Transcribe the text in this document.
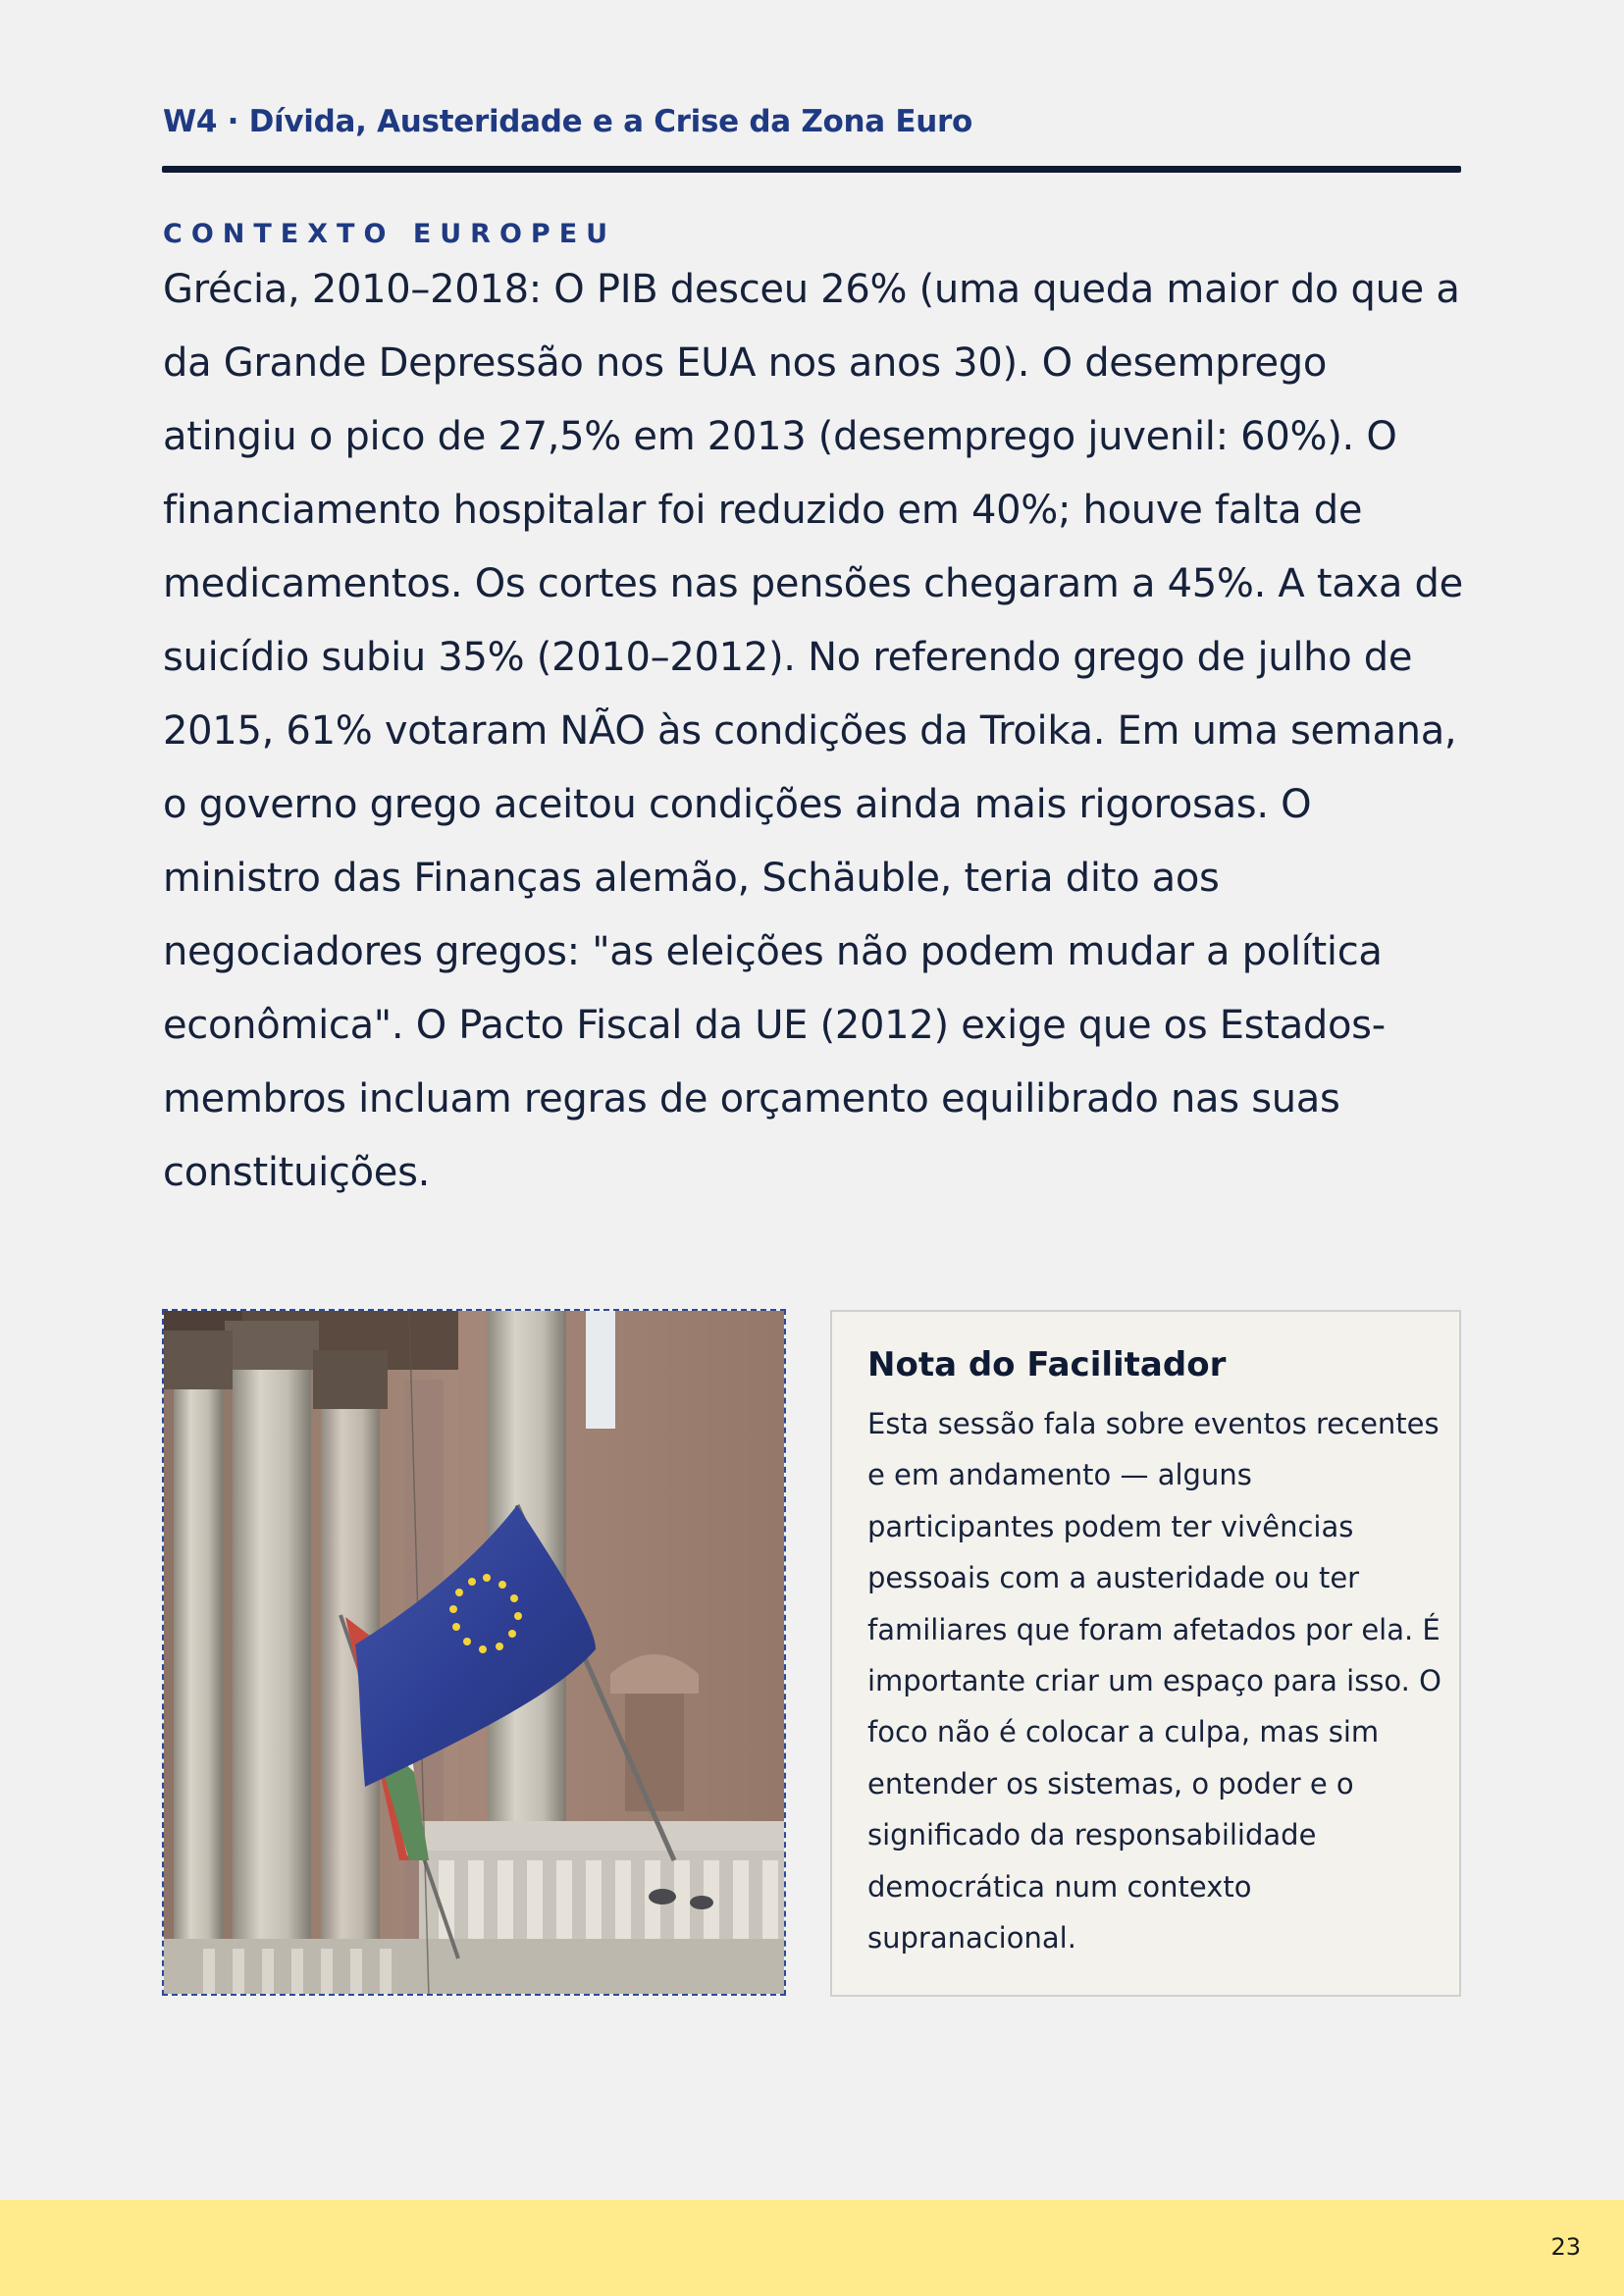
W4 · Dívida, Austeridade e a Crise da Zona Euro
CONTEXTO EUROPEU
Grécia, 2010–2018: O PIB desceu 26% (uma queda maior do que a da Grande Depressão nos EUA nos anos 30). O desemprego atingiu o pico de 27,5% em 2013 (desemprego juvenil: 60%). O financiamento hospitalar foi reduzido em 40%; houve falta de medicamentos. Os cortes nas pensões chegaram a 45%. A taxa de suicídio subiu 35% (2010–2012). No referendo grego de julho de 2015, 61% votaram NÃO às condições da Troika. Em uma semana, o governo grego aceitou condições ainda mais rigorosas. O ministro das Finanças alemão, Schäuble, teria dito aos negociadores gregos: "as eleições não podem mudar a política econômica". O Pacto Fiscal da UE (2012) exige que os Estados-membros incluam regras de orçamento equilibrado nas suas constituições.
Nota do Facilitador
Esta sessão fala sobre eventos recentes e em andamento — alguns participantes podem ter vivências pessoais com a austeridade ou ter familiares que foram afetados por ela. É importante criar um espaço para isso. O foco não é colocar a culpa, mas sim entender os sistemas, o poder e o significado da responsabilidade democrática num contexto supranacional.
23
